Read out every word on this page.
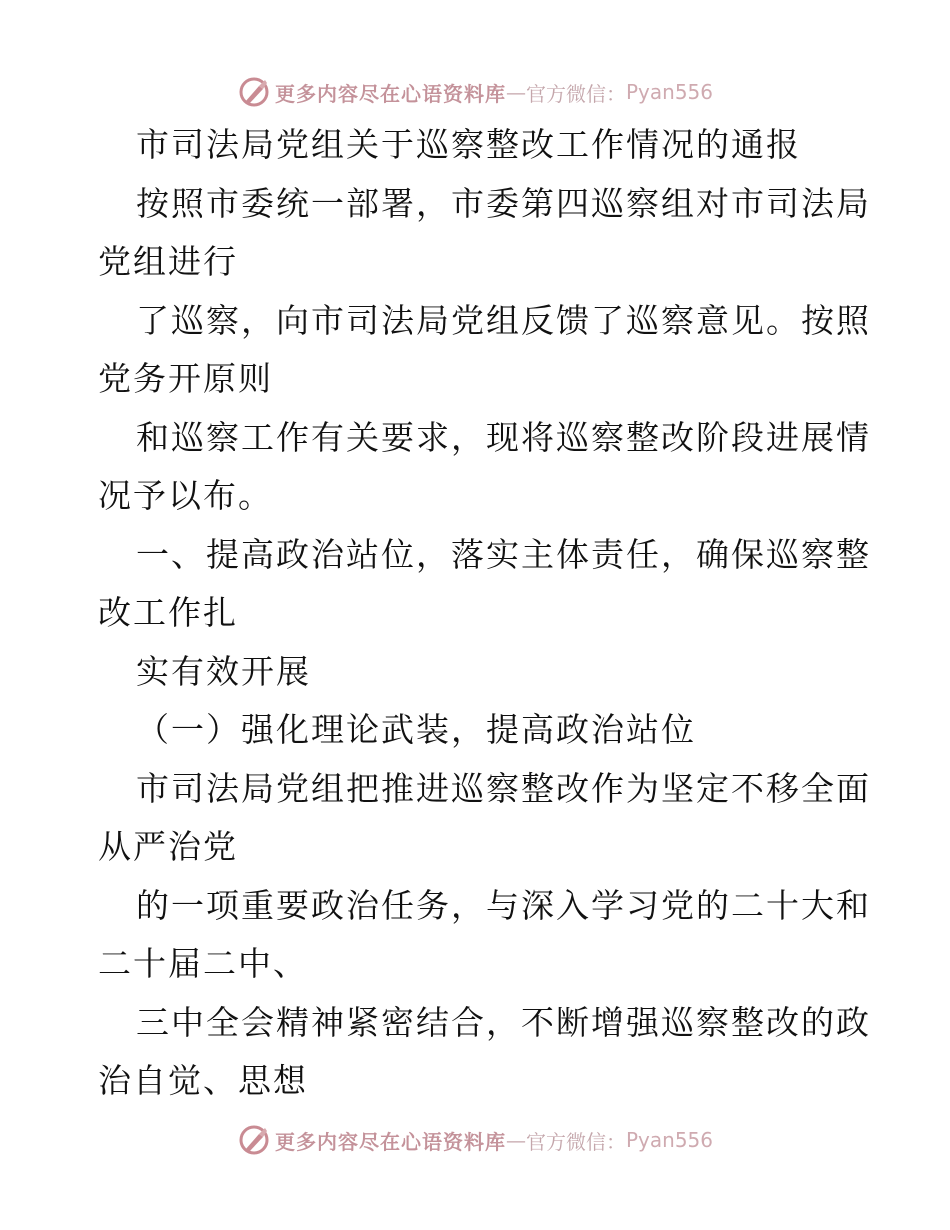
更多内容尽在心语资料库 — 官方微信： Pyan556
市司法局党组关于巡察整改工作情况的通报
按照市委统一部署，市委第四巡察组对市司法局
党组进行
了巡察，向市司法局党组反馈了巡察意见。按照
党务开原则
和巡察工作有关要求，现将巡察整改阶段进展情
况予以布。
一、提高政治站位，落实主体责任，确保巡察整
改工作扎
实有效开展
（一）强化理论武装，提高政治站位
市司法局党组把推进巡察整改作为坚定不移全面
从严治党
的一项重要政治任务，与深入学习党的二十大和
二十届二中、
三中全会精神紧密结合，不断增强巡察整改的政
治自觉、思想
更多内容尽在心语资料库 — 官方微信： Pyan556
